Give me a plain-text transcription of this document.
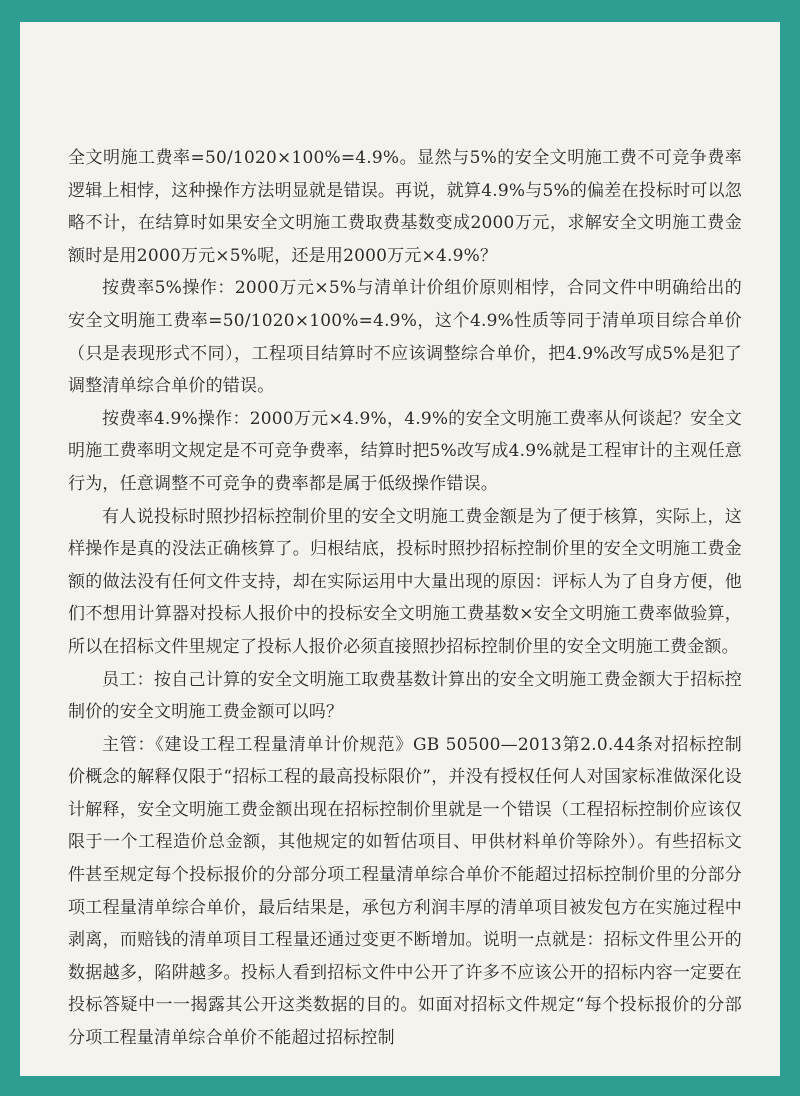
全文明施工费率=50/1020×100%=4.9%。显然与5%的安全文明施工费不可竞争费率逻辑上相悖，这种操作方法明显就是错误。再说，就算4.9%与5%的偏差在投标时可以忽略不计，在结算时如果安全文明施工费取费基数变成2000万元，求解安全文明施工费金额时是用2000万元×5%呢，还是用2000万元×4.9%？

按费率5%操作：2000万元×5%与清单计价组价原则相悖，合同文件中明确给出的安全文明施工费率=50/1020×100%=4.9%，这个4.9%性质等同于清单项目综合单价（只是表现形式不同），工程项目结算时不应该调整综合单价，把4.9%改写成5%是犯了调整清单综合单价的错误。

按费率4.9%操作：2000万元×4.9%，4.9%的安全文明施工费率从何谈起？安全文明施工费率明文规定是不可竞争费率，结算时把5%改写成4.9%就是工程审计的主观任意行为，任意调整不可竞争的费率都是属于低级操作错误。

有人说投标时照抄招标控制价里的安全文明施工费金额是为了便于核算，实际上，这样操作是真的没法正确核算了。归根结底，投标时照抄招标控制价里的安全文明施工费金额的做法没有任何文件支持，却在实际运用中大量出现的原因：评标人为了自身方便，他们不想用计算器对投标人报价中的投标安全文明施工费基数×安全文明施工费率做验算，所以在招标文件里规定了投标人报价必须直接照抄招标控制价里的安全文明施工费金额。

员工：按自己计算的安全文明施工取费基数计算出的安全文明施工费金额大于招标控制价的安全文明施工费金额可以吗？

主管：《建设工程工程量清单计价规范》GB 50500—2013第2.0.44条对招标控制价概念的解释仅限于“招标工程的最高投标限价”，并没有授权任何人对国家标准做深化设计解释，安全文明施工费金额出现在招标控制价里就是一个错误（工程招标控制价应该仅限于一个工程造价总金额，其他规定的如暂估项目、甲供材料单价等除外）。有些招标文件甚至规定每个投标报价的分部分项工程量清单综合单价不能超过招标控制价里的分部分项工程量清单综合单价，最后结果是，承包方利润丰厚的清单项目被发包方在实施过程中剥离，而赔钱的清单项目工程量还通过变更不断增加。说明一点就是：招标文件里公开的数据越多，陷阱越多。投标人看到招标文件中公开了许多不应该公开的招标内容一定要在投标答疑中一一揭露其公开这类数据的目的。如面对招标文件规定“每个投标报价的分部分项工程量清单综合单价不能超过招标控制
